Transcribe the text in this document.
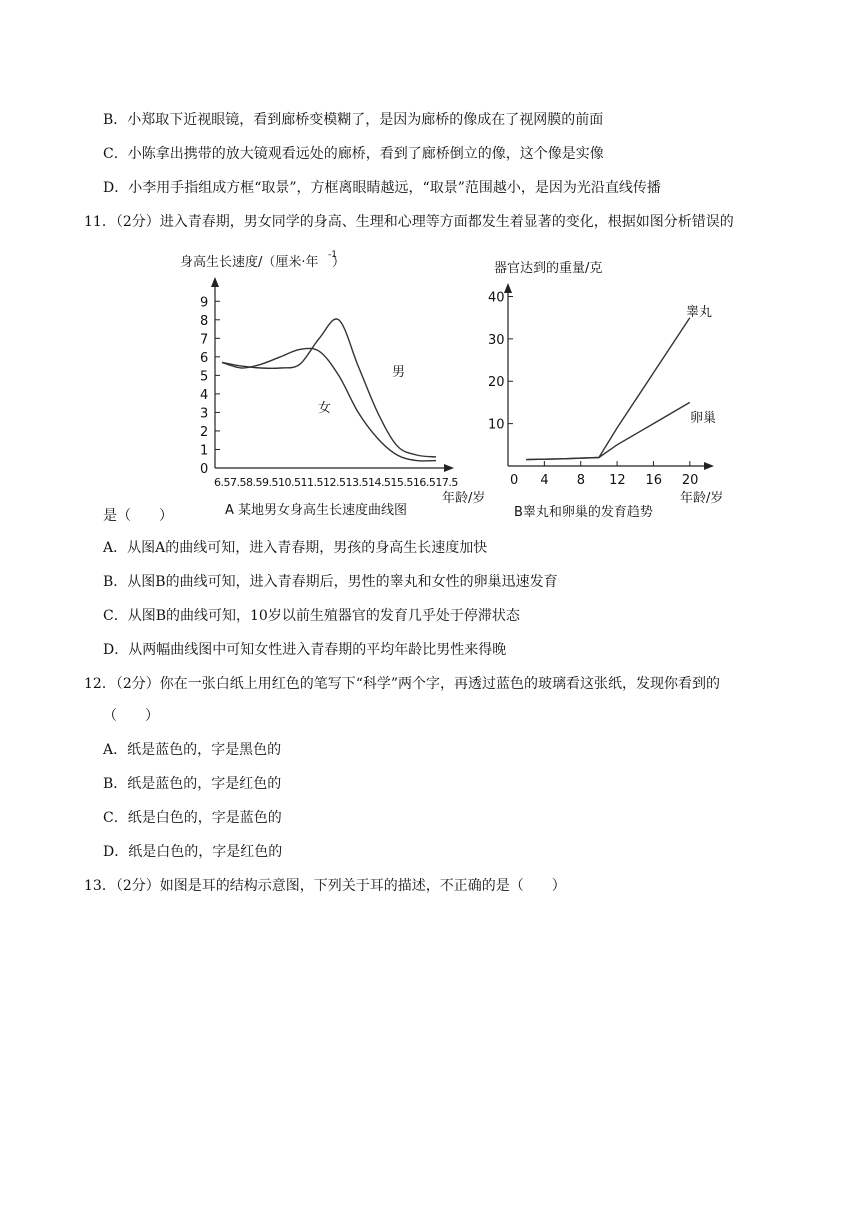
B．小郑取下近视眼镜，看到廊桥变模糊了，是因为廊桥的像成在了视网膜的前面
C．小陈拿出携带的放大镜观看远处的廊桥，看到了廊桥倒立的像，这个像是实像
D．小李用手指组成方框“取景”，方框离眼睛越远，“取景”范围越小，是因为光沿直线传播
11．（2分）进入青春期，男女同学的身高、生理和心理等方面都发生着显著的变化，根据如图分析错误的
身高生长速度/（厘米·年 -1
）
0
1
2
3
4
5
6
7
8
9
6.57.58.59.510.511.512.513.514.515.516.517.5
男
女
年龄/岁
A 某地男女身高生长速度曲线图
器官达到的重量/克
10
20
30
40
0 4 8 12 16 20
睾丸
卵巢
年龄/岁
B睾丸和卵巢的发育趋势
是（　　）
A．从图A的曲线可知，进入青春期，男孩的身高生长速度加快
B．从图B的曲线可知，进入青春期后，男性的睾丸和女性的卵巢迅速发育
C．从图B的曲线可知，10岁以前生殖器官的发育几乎处于停滞状态
D．从两幅曲线图中可知女性进入青春期的平均年龄比男性来得晚
12．（2分）你在一张白纸上用红色的笔写下“科学”两个字，再透过蓝色的玻璃看这张纸，发现你看到的
（　　）
A．纸是蓝色的，字是黑色的
B．纸是蓝色的，字是红色的
C．纸是白色的，字是蓝色的
D．纸是白色的，字是红色的
13．（2分）如图是耳的结构示意图，下列关于耳的描述，不正确的是（　　）
